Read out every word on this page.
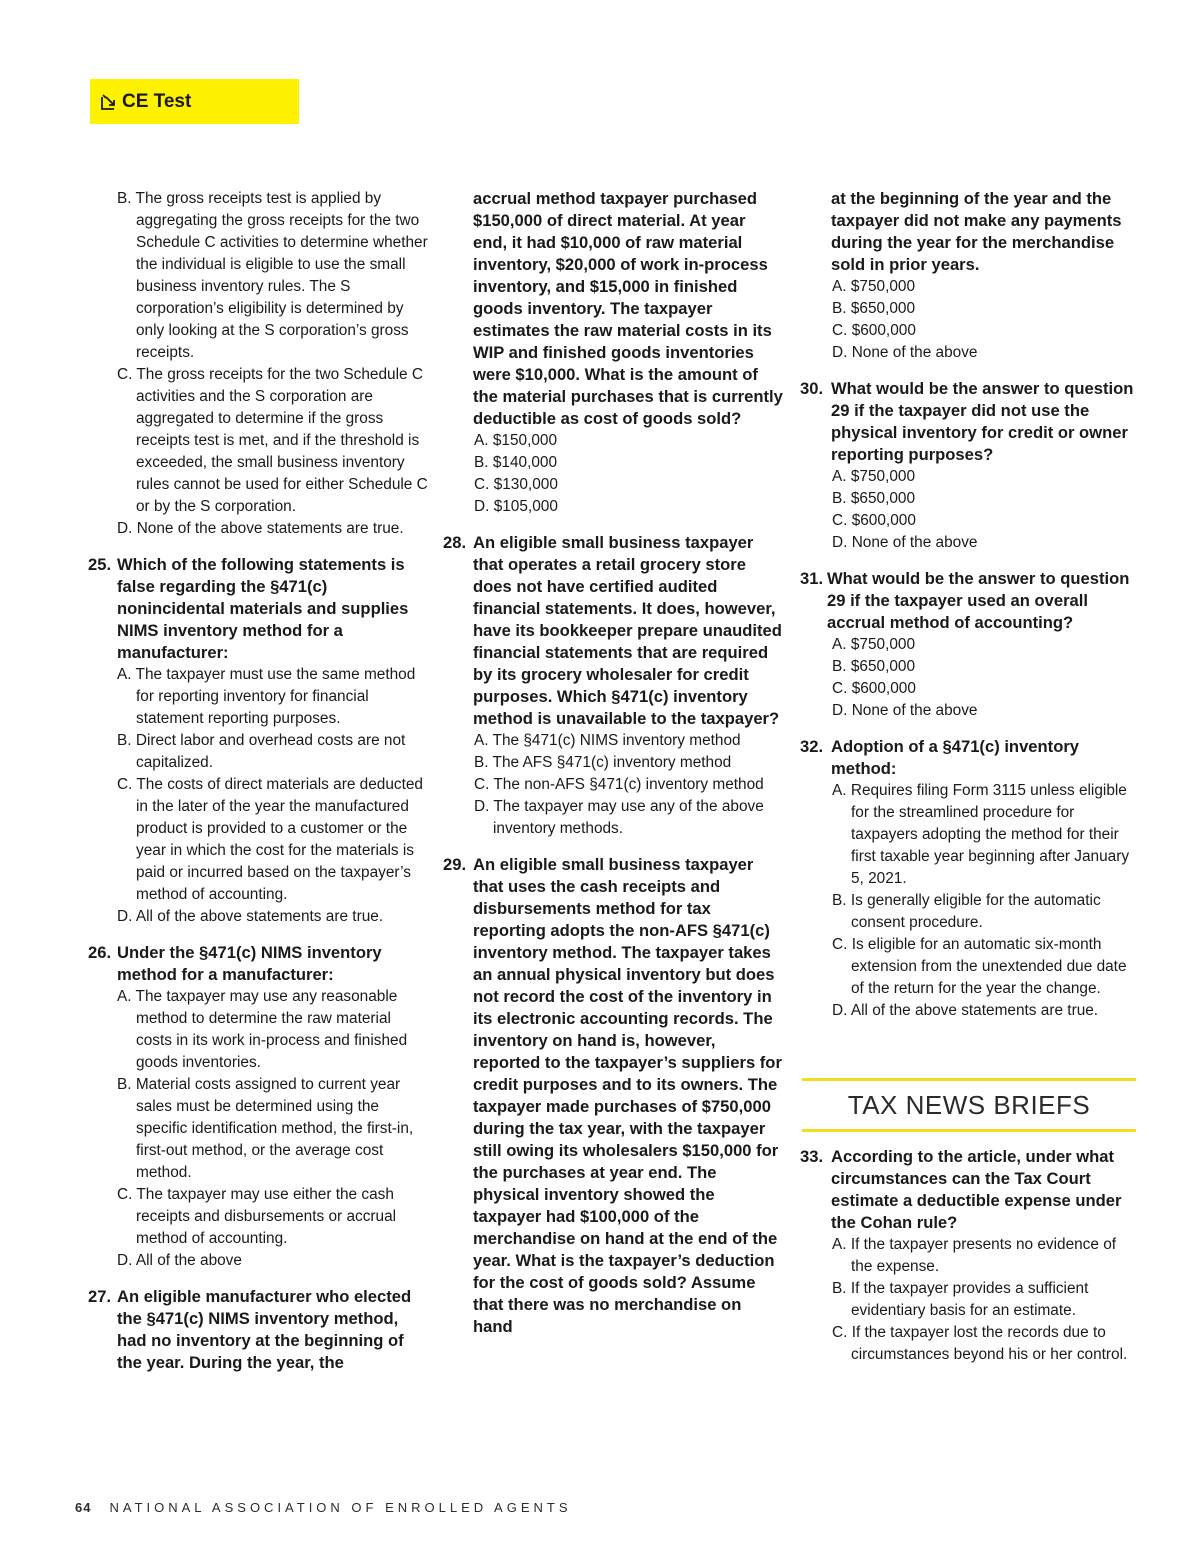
CE Test
B. The gross receipts test is applied by aggregating the gross receipts for the two Schedule C activities to determine whether the individual is eligible to use the small business inventory rules. The S corporation’s eligibility is determined by only looking at the S corporation’s gross receipts.
C. The gross receipts for the two Schedule C activities and the S corporation are aggregated to determine if the gross receipts test is met, and if the threshold is exceeded, the small business inventory rules cannot be used for either Schedule C or by the S corporation.
D. None of the above statements are true.
25. Which of the following statements is false regarding the §471(c) nonincidental materials and supplies NIMS inventory method for a manufacturer:
A. The taxpayer must use the same method for reporting inventory for financial statement reporting purposes.
B. Direct labor and overhead costs are not capitalized.
C. The costs of direct materials are deducted in the later of the year the manufactured product is provided to a customer or the year in which the cost for the materials is paid or incurred based on the taxpayer’s method of accounting.
D. All of the above statements are true.
26. Under the §471(c) NIMS inventory method for a manufacturer:
A. The taxpayer may use any reasonable method to determine the raw material costs in its work in-process and finished goods inventories.
B. Material costs assigned to current year sales must be determined using the specific identification method, the first-in, first-out method, or the average cost method.
C. The taxpayer may use either the cash receipts and disbursements or accrual method of accounting.
D. All of the above
27. An eligible manufacturer who elected the §471(c) NIMS inventory method, had no inventory at the beginning of the year. During the year, the
accrual method taxpayer purchased $150,000 of direct material. At year end, it had $10,000 of raw material inventory, $20,000 of work in-process inventory, and $15,000 in finished goods inventory. The taxpayer estimates the raw material costs in its WIP and finished goods inventories were $10,000. What is the amount of the material purchases that is currently deductible as cost of goods sold?
A. $150,000
B. $140,000
C. $130,000
D. $105,000
28. An eligible small business taxpayer that operates a retail grocery store does not have certified audited financial statements. It does, however, have its bookkeeper prepare unaudited financial statements that are required by its grocery wholesaler for credit purposes. Which §471(c) inventory method is unavailable to the taxpayer?
A. The §471(c) NIMS inventory method
B. The AFS §471(c) inventory method
C. The non-AFS §471(c) inventory method
D. The taxpayer may use any of the above inventory methods.
29. An eligible small business taxpayer that uses the cash receipts and disbursements method for tax reporting adopts the non-AFS §471(c) inventory method. The taxpayer takes an annual physical inventory but does not record the cost of the inventory in its electronic accounting records. The inventory on hand is, however, reported to the taxpayer’s suppliers for credit purposes and to its owners. The taxpayer made purchases of $750,000 during the tax year, with the taxpayer still owing its wholesalers $150,000 for the purchases at year end. The physical inventory showed the taxpayer had $100,000 of the merchandise on hand at the end of the year. What is the taxpayer’s deduction for the cost of goods sold? Assume that there was no merchandise on hand
at the beginning of the year and the taxpayer did not make any payments during the year for the merchandise sold in prior years.
A. $750,000
B. $650,000
C. $600,000
D. None of the above
30. What would be the answer to question 29 if the taxpayer did not use the physical inventory for credit or owner reporting purposes?
A. $750,000
B. $650,000
C. $600,000
D. None of the above
31. What would be the answer to question 29 if the taxpayer used an overall accrual method of accounting?
A. $750,000
B. $650,000
C. $600,000
D. None of the above
32. Adoption of a §471(c) inventory method:
A. Requires filing Form 3115 unless eligible for the streamlined procedure for taxpayers adopting the method for their first taxable year beginning after January 5, 2021.
B. Is generally eligible for the automatic consent procedure.
C. Is eligible for an automatic six-month extension from the unextended due date of the return for the year the change.
D. All of the above statements are true.
TAX NEWS BRIEFS
33. According to the article, under what circumstances can the Tax Court estimate a deductible expense under the Cohan rule?
A. If the taxpayer presents no evidence of the expense.
B. If the taxpayer provides a sufficient evidentiary basis for an estimate.
C. If the taxpayer lost the records due to circumstances beyond his or her control.
64 NATIONAL ASSOCIATION OF ENROLLED AGENTS
